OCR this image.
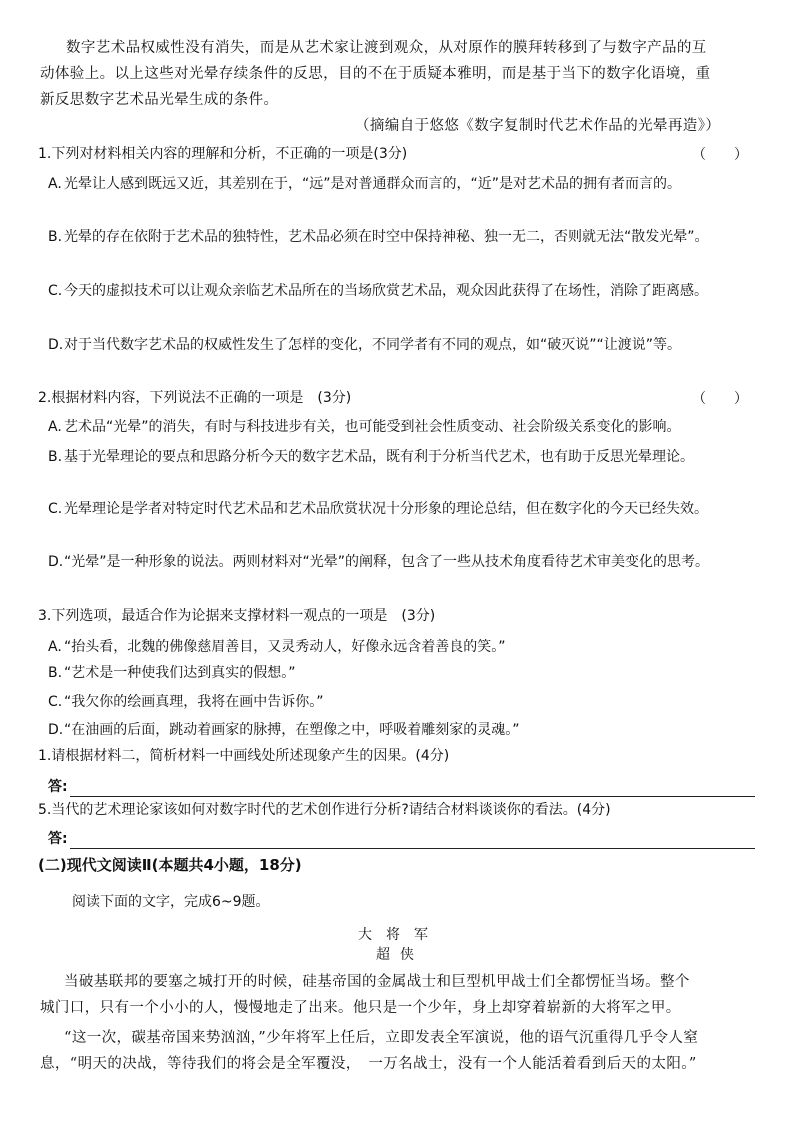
数字艺术品权威性没有消失，而是从艺术家让渡到观众，从对原作的膜拜转移到了与数字产品的互
动体验上。以上这些对光晕存续条件的反思，目的不在于质疑本雅明，而是基于当下的数字化语境，重
新反思数字艺术品光晕生成的条件。
（摘编自于悠悠《数字复制时代艺术作品的光晕再造》）
1.下列对材料相关内容的理解和分析，不正确的一项是(3分)	（　　）
A. 光晕让人感到既远又近，其差别在于，“远”是对普通群众而言的，“近”是对艺术品的拥有者而言的。
B. 光晕的存在依附于艺术品的独特性，艺术品必须在时空中保持神秘、独一无二，否则就无法“散发光晕”。
C. 今天的虚拟技术可以让观众亲临艺术品所在的当场欣赏艺术品，观众因此获得了在场性，消除了距离感。
D. 对于当代数字艺术品的权威性发生了怎样的变化，不同学者有不同的观点，如“破灭说”“让渡说”等。
2.根据材料内容，下列说法不正确的一项是　(3分)	（　　）
A. 艺术品“光晕”的消失，有时与科技进步有关，也可能受到社会性质变动、社会阶级关系变化的影响。
B. 基于光晕理论的要点和思路分析今天的数字艺术品，既有利于分析当代艺术，也有助于反思光晕理论。
C. 光晕理论是学者对特定时代艺术品和艺术品欣赏状况十分形象的理论总结，但在数字化的今天已经失效。
D. “光晕”是一种形象的说法。两则材料对“光晕”的阐释，包含了一些从技术角度看待艺术审美变化的思考。
3.下列选项，最适合作为论据来支撑材料一观点的一项是　(3分)
A. “抬头看，北魏的佛像慈眉善目，又灵秀动人，好像永远含着善良的笑。”
B. “艺术是一种使我们达到真实的假想。”
C. “我欠你的绘画真理，我将在画中告诉你。”
D. “在油画的后面，跳动着画家的脉搏，在塑像之中，呼吸着雕刻家的灵魂。”
1.请根据材料二，简析材料一中画线处所述现象产生的因果。(4分)
答:
5.当代的艺术理论家该如何对数字时代的艺术创作进行分析?请结合材料谈谈你的看法。(4分)
答:
(二)现代文阅读Ⅱ(本题共4小题，18分)
阅读下面的文字，完成6~9题。
大将军
超侠
当破基联邦的要塞之城打开的时候，硅基帝国的金属战士和巨型机甲战士们全都愣怔当场。整个
城门口，只有一个小小的人，慢慢地走了出来。他只是一个少年，身上却穿着崭新的大将军之甲。
“这一次，碳基帝国来势汹汹，”少年将军上任后，立即发表全军演说，他的语气沉重得几乎令人窒
息，“明天的决战，等待我们的将会是全军覆没，　一万名战士，没有一个人能活着看到后天的太阳。”
